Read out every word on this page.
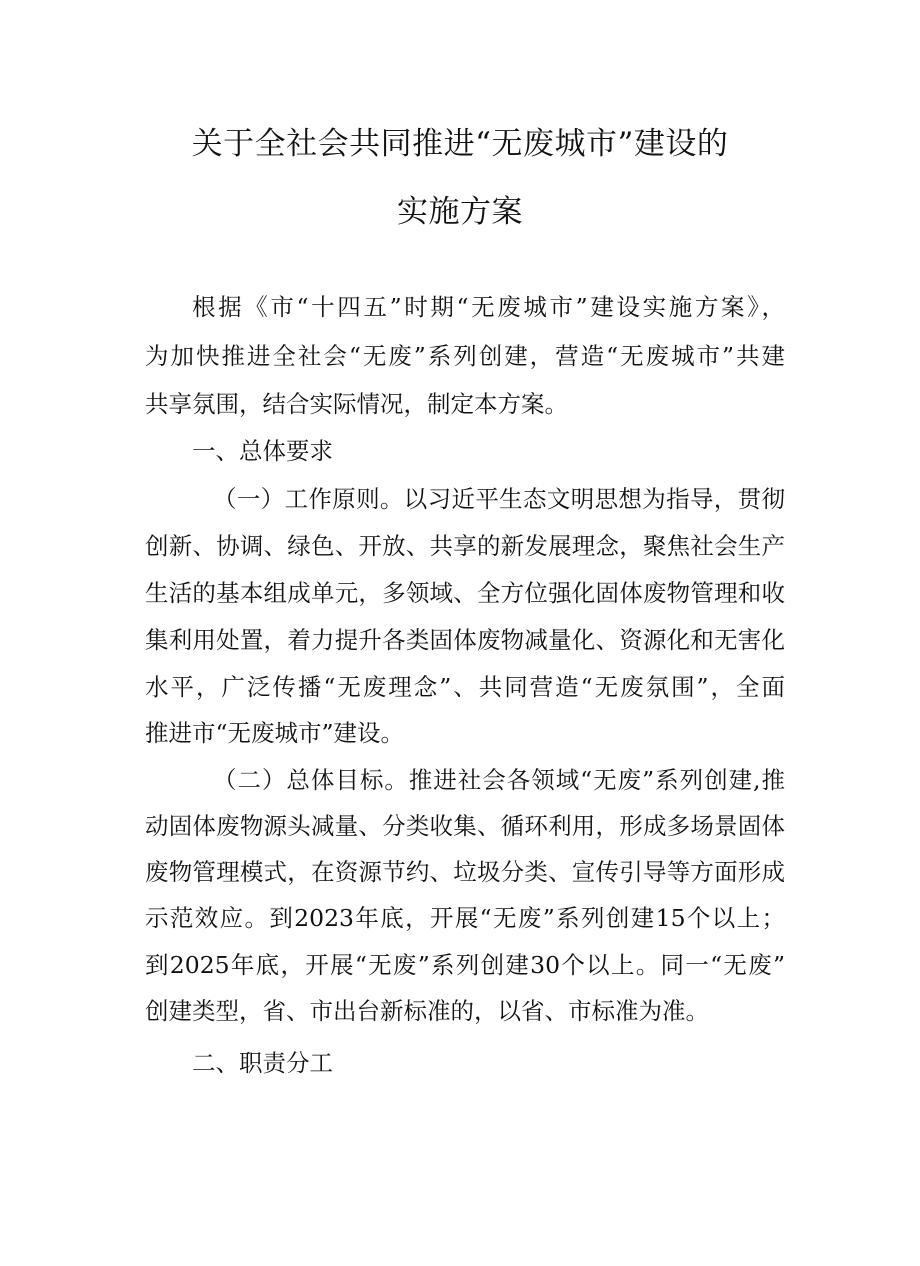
关于全社会共同推进“无废城市”建设的
实施方案
根据《市“十四五”时期“无废城市”建设实施方案》，
为加快推进全社会“无废”系列创建，营造“无废城市”共建
共享氛围，结合实际情况，制定本方案。
一、总体要求
（一）工作原则。以习近平生态文明思想为指导，贯彻
创新、协调、绿色、开放、共享的新发展理念，聚焦社会生产
生活的基本组成单元，多领域、全方位强化固体废物管理和收
集利用处置，着力提升各类固体废物减量化、资源化和无害化
水平，广泛传播“无废理念”、共同营造“无废氛围”，全面
推进市“无废城市”建设。
（二）总体目标。推进社会各领域“无废”系列创建,推
动固体废物源头减量、分类收集、循环利用，形成多场景固体
废物管理模式，在资源节约、垃圾分类、宣传引导等方面形成
示范效应。到2023年底，开展“无废”系列创建15个以上；
到2025年底，开展“无废”系列创建30个以上。同一“无废”
创建类型，省、市出台新标准的，以省、市标准为准。
二、职责分工
